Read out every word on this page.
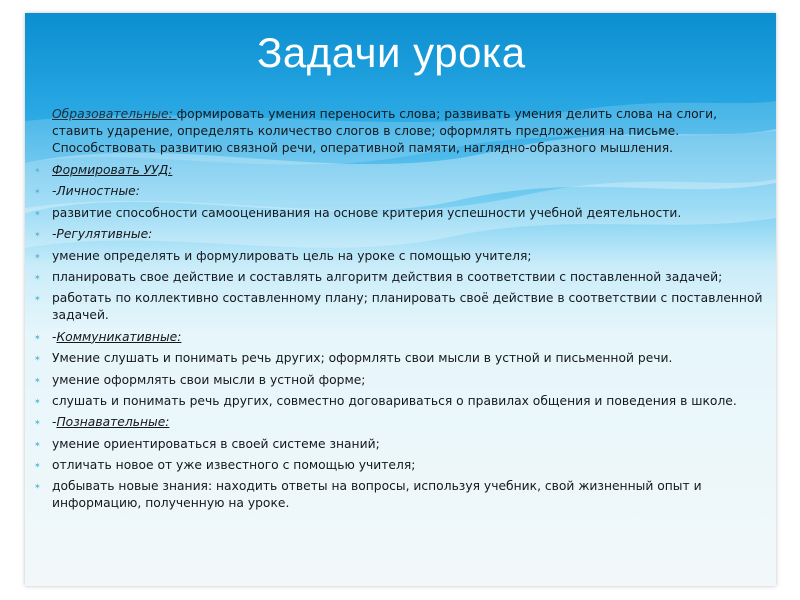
Задачи урока

Образовательные: формировать умения переносить слова; развивать умения делить слова на слоги, ставить ударение, определять количество слогов в слове; оформлять предложения на письме. Способствовать развитию связной речи, оперативной памяти, наглядно-образного мышления.

✶ Формировать УУД:
✶ -Личностные:
✶ развитие способности самооценивания на основе критерия успешности учебной деятельности.
✶ -Регулятивные:
✶ умение определять и формулировать цель на уроке с помощью учителя;
✶ планировать свое действие и составлять алгоритм действия в соответствии с поставленной задачей;
✶ работать по коллективно составленному плану; планировать своё действие в соответствии с поставленной задачей.
✶ -Коммуникативные:
✶ Умение слушать и понимать речь других; оформлять свои мысли в устной и письменной речи.
✶ умение оформлять свои мысли в устной форме;
✶ слушать и понимать речь других, совместно договариваться о правилах общения и поведения в школе.
✶ -Познавательные:
✶ умение ориентироваться в своей системе знаний;
✶ отличать новое от уже известного с помощью учителя;
✶ добывать новые знания: находить ответы на вопросы, используя учебник, свой жизненный опыт и информацию, полученную на уроке.
